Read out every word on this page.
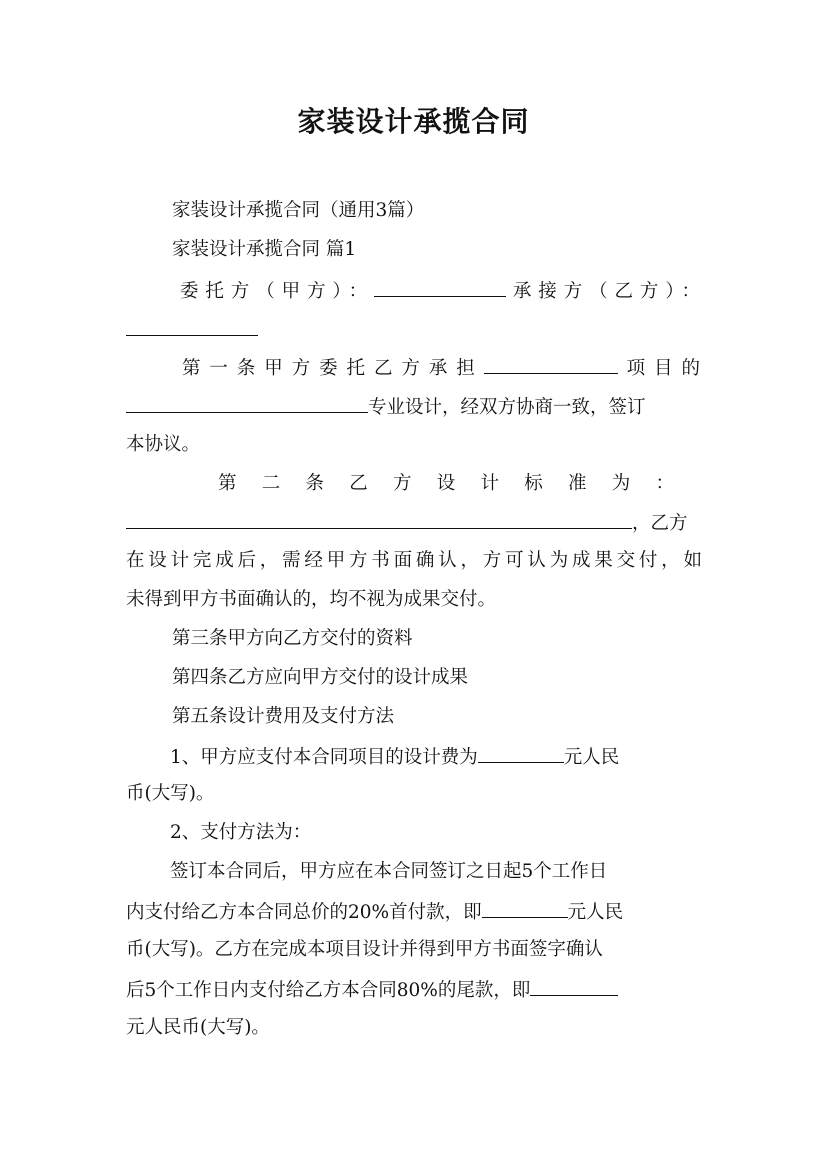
家装设计承揽合同
家装设计承揽合同（通用3篇）
家装设计承揽合同 篇1
委托方（甲方）：	承接方（乙方）：
第一条甲方委托乙方承担	项目的
专业设计，经双方协商一致，签订
本协议。
第二条乙方设计标准为：
，乙方
在设计完成后，需经甲方书面确认，方可认为成果交付，如
未得到甲方书面确认的，均不视为成果交付。
第三条甲方向乙方交付的资料
第四条乙方应向甲方交付的设计成果
第五条设计费用及支付方法
1、甲方应支付本合同项目的设计费为	元人民
币(大写)。
2、支付方法为：
签订本合同后，甲方应在本合同签订之日起5个工作日
内支付给乙方本合同总价的20%首付款，即	元人民
币(大写)。乙方在完成本项目设计并得到甲方书面签字确认
后5个工作日内支付给乙方本合同80%的尾款，即
元人民币(大写)。
